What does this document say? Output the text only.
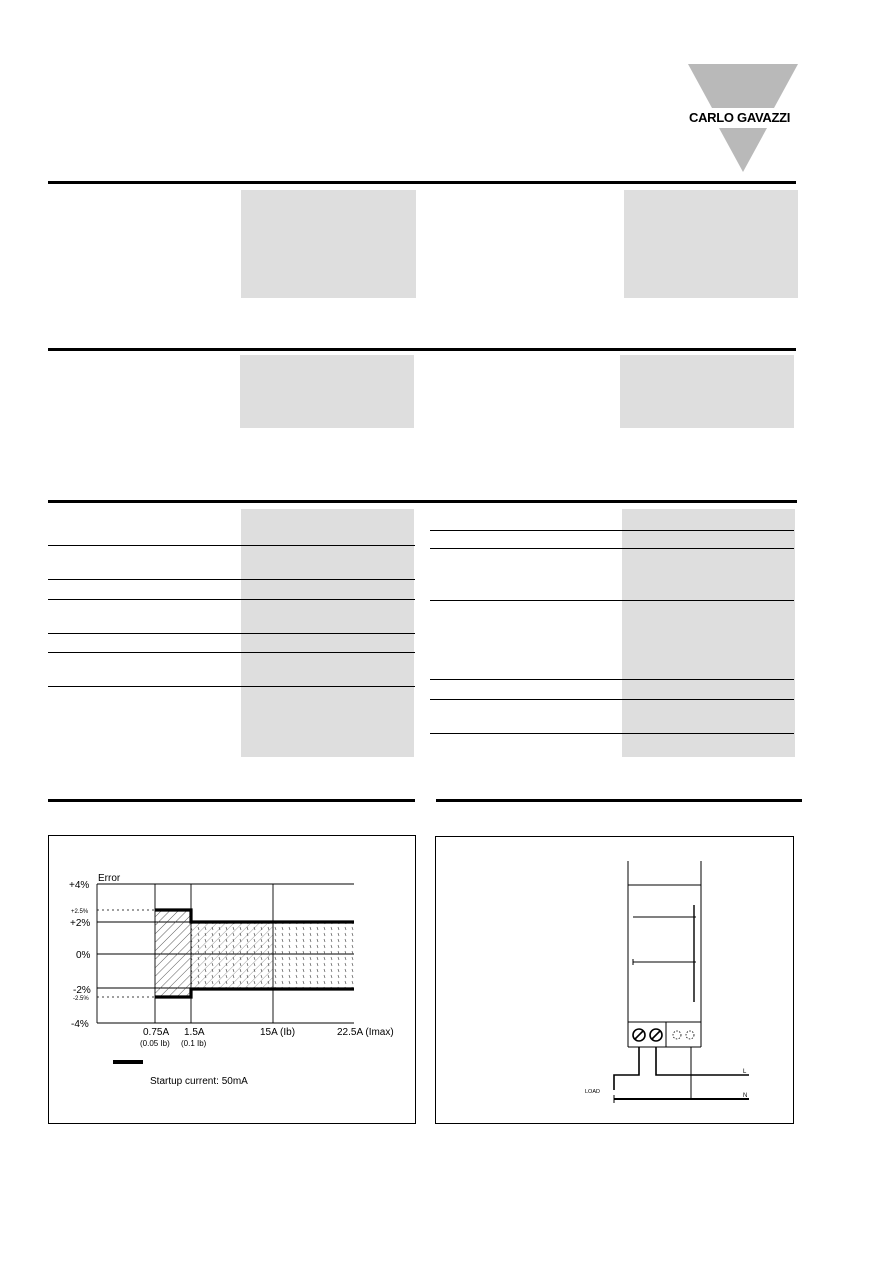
CARLO GAVAZZI
Error
+4%
+2.5%
+2%
0%
-2%
-2.5%
-4%
0.75A
(0.05 Ib)
1.5A
(0.1 Ib)
15A (Ib)	22.5A (Imax)
Startup current: 50mA
LOAD
L
N
